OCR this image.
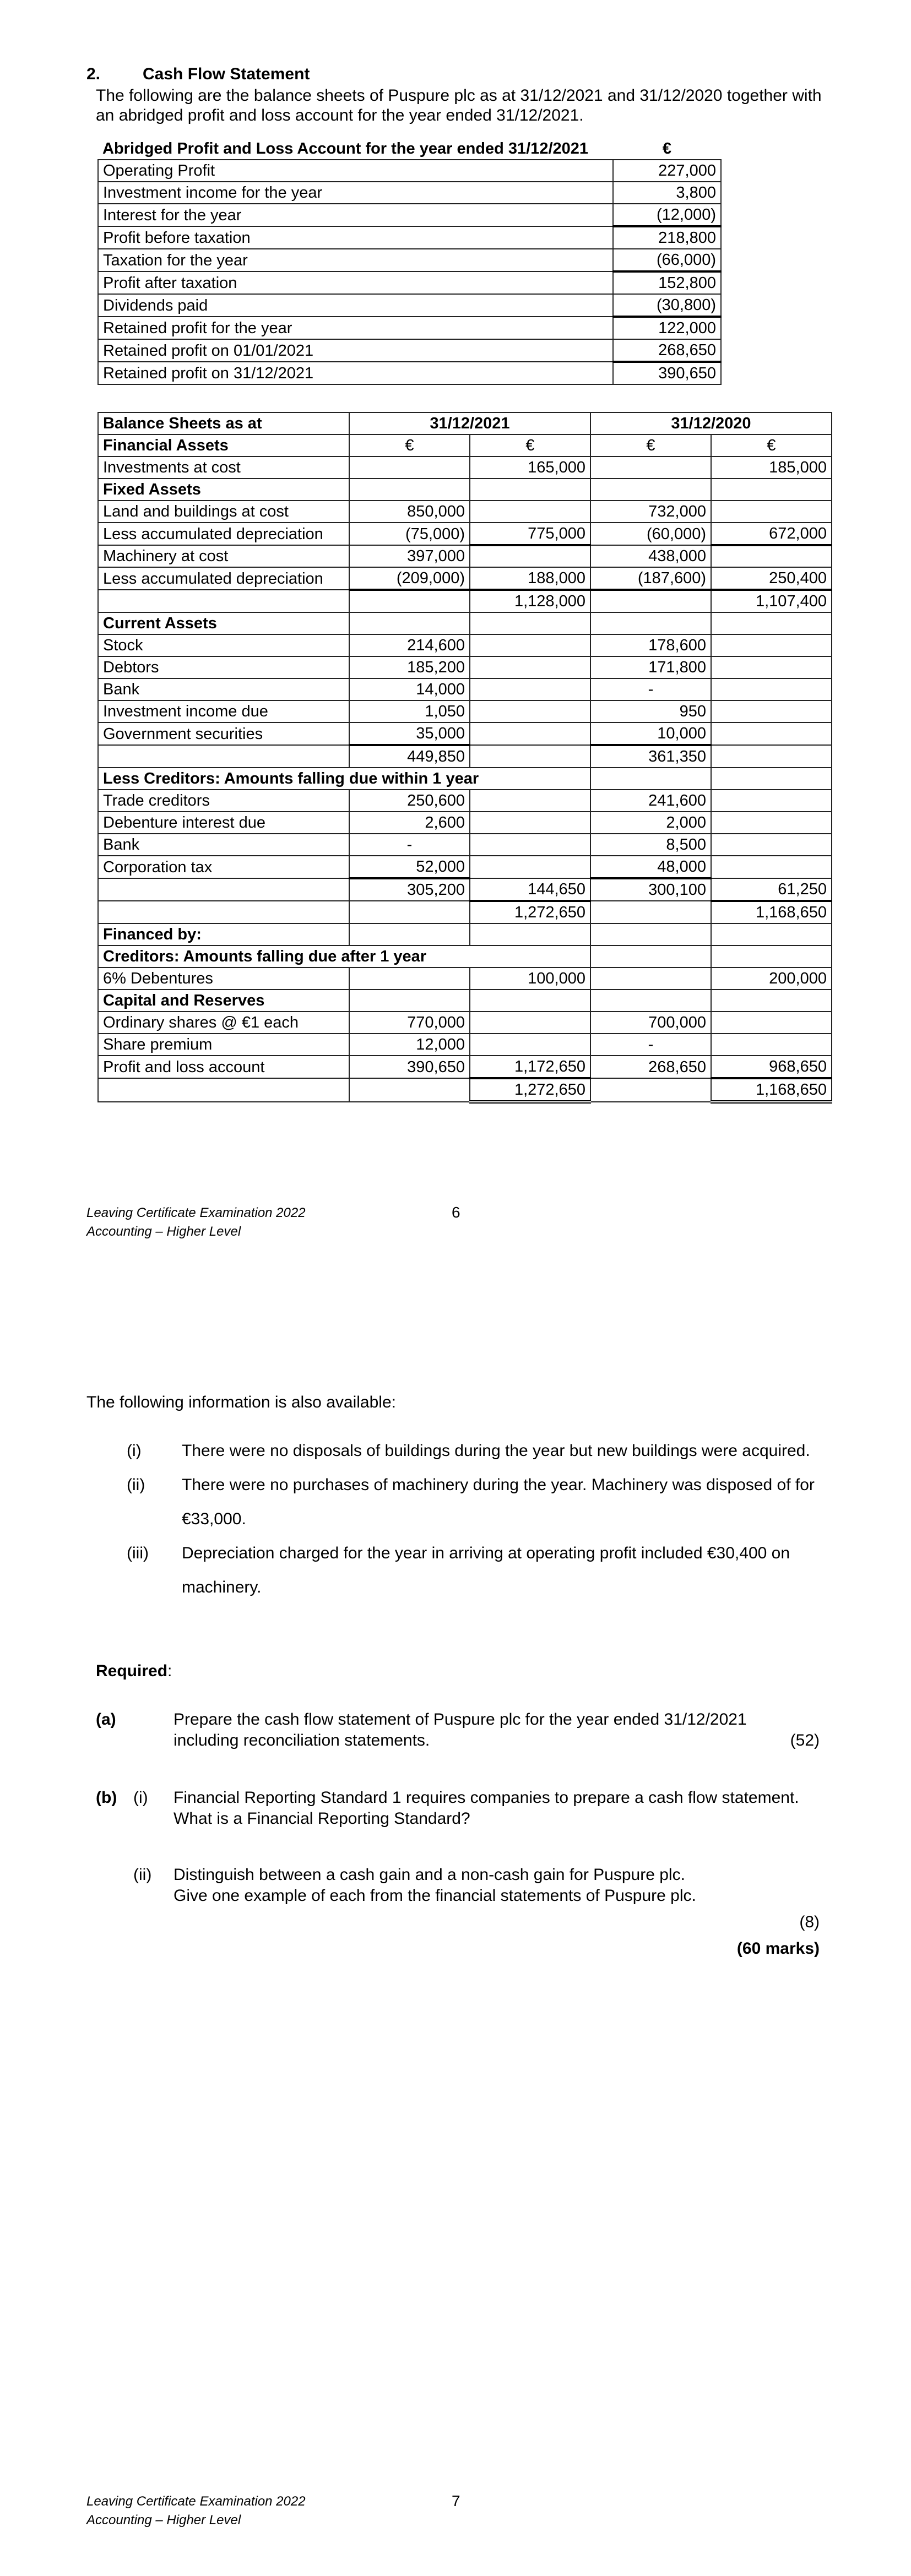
2.	Cash Flow Statement
The following are the balance sheets of Puspure plc as at 31/12/2021 and 31/12/2020 together with an abridged profit and loss account for the year ended 31/12/2021.
Abridged Profit and Loss Account for the year ended 31/12/2021	€
Operating Profit	227,000
Investment income for the year	3,800
Interest for the year	(12,000)
Profit before taxation	218,800
Taxation for the year	(66,000)
Profit after taxation	152,800
Dividends paid	(30,800)
Retained profit for the year	122,000
Retained profit on 01/01/2021	268,650
Retained profit on 31/12/2021	390,650
Balance Sheets as at	31/12/2021		31/12/2020	
Financial Assets	€	€	€	€
Investments at cost		165,000		185,000
Fixed Assets				
Land and buildings at cost	850,000		732,000	
Less accumulated depreciation	(75,000)	775,000	(60,000)	672,000
Machinery at cost	397,000		438,000	
Less accumulated depreciation	(209,000)	188,000	(187,600)	250,400
		1,128,000		1,107,400
Current Assets				
Stock	214,600		178,600	
Debtors	185,200		171,800	
Bank	14,000		-	
Investment income due	1,050		950	
Government securities	35,000		10,000	
	449,850		361,350	
Less Creditors: Amounts falling due within 1 year				
Trade creditors	250,600		241,600	
Debenture interest due	2,600		2,000	
Bank	-		8,500	
Corporation tax	52,000		48,000	
	305,200	144,650	300,100	61,250
		1,272,650		1,168,650
Financed by:				
Creditors: Amounts falling due after 1 year				
6% Debentures		100,000		200,000
Capital and Reserves				
Ordinary shares @ €1 each	770,000		700,000	
Share premium	12,000		-	
Profit and loss account	390,650	1,172,650	268,650	968,650
		1,272,650		1,168,650
Leaving Certificate Examination 2022
Accounting – Higher Level
6
The following information is also available:
(i)	There were no disposals of buildings during the year but new buildings were acquired.
(ii)	There were no purchases of machinery during the year. Machinery was disposed of for €33,000.
(iii)	Depreciation charged for the year in arriving at operating profit included €30,400 on machinery.
Required:
(a)	Prepare the cash flow statement of Puspure plc for the year ended 31/12/2021 including reconciliation statements.	(52)
(b) (i) Financial Reporting Standard 1 requires companies to prepare a cash flow statement. What is a Financial Reporting Standard?
(ii) Distinguish between a cash gain and a non-cash gain for Puspure plc.
Give one example of each from the financial statements of Puspure plc.
(8)
(60 marks)
Leaving Certificate Examination 2022
Accounting – Higher Level
7
